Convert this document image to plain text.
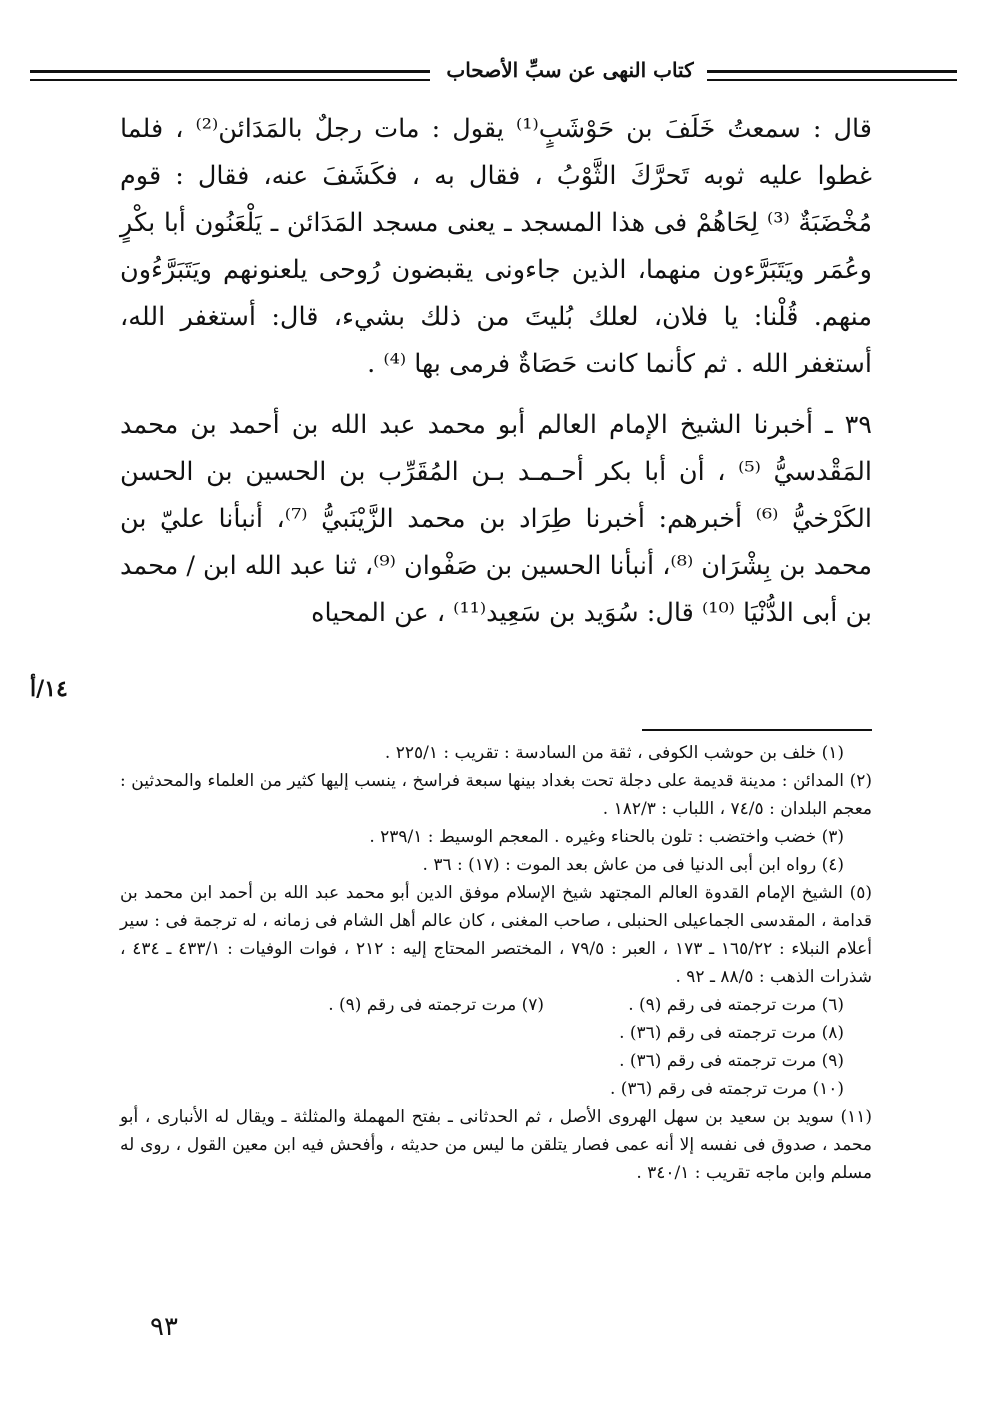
كتاب النهى عن سبِّ الأصحاب

قال : سمعتُ خَلَفَ بن حَوْشَبٍ⁽¹⁾ يقول : مات رجلٌ بالمَدَائن⁽²⁾ ، فلما غطوا عليه ثوبه تَحرَّكَ الثَّوْبُ ، فقال به ، فكَشَفَ عنه، فقال : قوم مُخْضَبَةٌ ⁽³⁾ لِحَاهُمْ فى هذا المسجد ـ يعنى مسجد المَدَائن ـ يَلْعَنُون أبا بكْرٍ وعُمَر ويَتَبَرَّءون منهما، الذين جاءونى يقبضون رُوحى يلعنونهم ويَتَبَرَّءُون منهم. قُلْنا: يا فلان، لعلك بُليتَ من ذلك بشيء، قال: أستغفر الله، أستغفر الله . ثم كأنما كانت حَصَاةٌ فرمى بها ⁽⁴⁾ .

٣٩ ـ أخبرنا الشيخ الإمام العالم أبو محمد عبد الله بن أحمد بن محمد المَقْدسيُّ ⁽⁵⁾ ، أن أبا بكر أحـمـد بـن المُقَرِّب بن الحسين بن الحسن الكَرْخيُّ ⁽⁶⁾ أخبرهم: أخبرنا طِرَاد بن محمد الزَّيْنَبيُّ ⁽⁷⁾، أنبأنا عليّ بن محمد بن بِشْرَان ⁽⁸⁾، أنبأنا الحسين بن صَفْوان ⁽⁹⁾، ثنا عبد الله ابن / محمد بن أبى الدُّنْيَا ⁽¹⁰⁾ قال: سُوَيد بن سَعِيد⁽¹¹⁾ ، عن المحياه

١٤/أ

(١) خلف بن حوشب الكوفى ، ثقة من السادسة : تقريب : ٢٢٥/١ .

(٢) المدائن : مدينة قديمة على دجلة تحت بغداد بينها سبعة فراسخ ، ينسب إليها كثير من العلماء والمحدثين : معجم البلدان : ٧٤/٥ ، اللباب : ١٨٢/٣ .

(٣) خضب واختضب : تلون بالحناء وغيره . المعجم الوسيط : ٢٣٩/١ .

(٤) رواه ابن أبى الدنيا فى من عاش بعد الموت : (١٧) : ٣٦ .

(٥) الشيخ الإمام القدوة العالم المجتهد شيخ الإسلام موفق الدين أبو محمد عبد الله بن أحمد ابن محمد بن قدامة ، المقدسى الجماعيلى الحنبلى ، صاحب المغنى ، كان عالم أهل الشام فى زمانه ، له ترجمة فى : سير أعلام النبلاء : ١٦٥/٢٢ ـ ١٧٣ ، العبر : ٧٩/٥ ، المختصر المحتاج إليه : ٢١٢ ، فوات الوفيات : ٤٣٣/١ ـ ٤٣٤ ، شذرات الذهب : ٨٨/٥ ـ ٩٢ .

(٦) مرت ترجمته فى رقم (٩) .
(٧) مرت ترجمته فى رقم (٩) .

(٨) مرت ترجمته فى رقم (٣٦) .

(٩) مرت ترجمته فى رقم (٣٦) .

(١٠) مرت ترجمته فى رقم (٣٦) .

(١١) سويد بن سعيد بن سهل الهروى الأصل ، ثم الحدثانى ـ بفتح المهملة والمثلثة ـ ويقال له الأنبارى ، أبو محمد ، صدوق فى نفسه إلا أنه عمى فصار يتلقن ما ليس من حديثه ، وأفحش فيه ابن معين القول ، روى له مسلم وابن ماجه تقريب : ٣٤٠/١ .

٩٣
